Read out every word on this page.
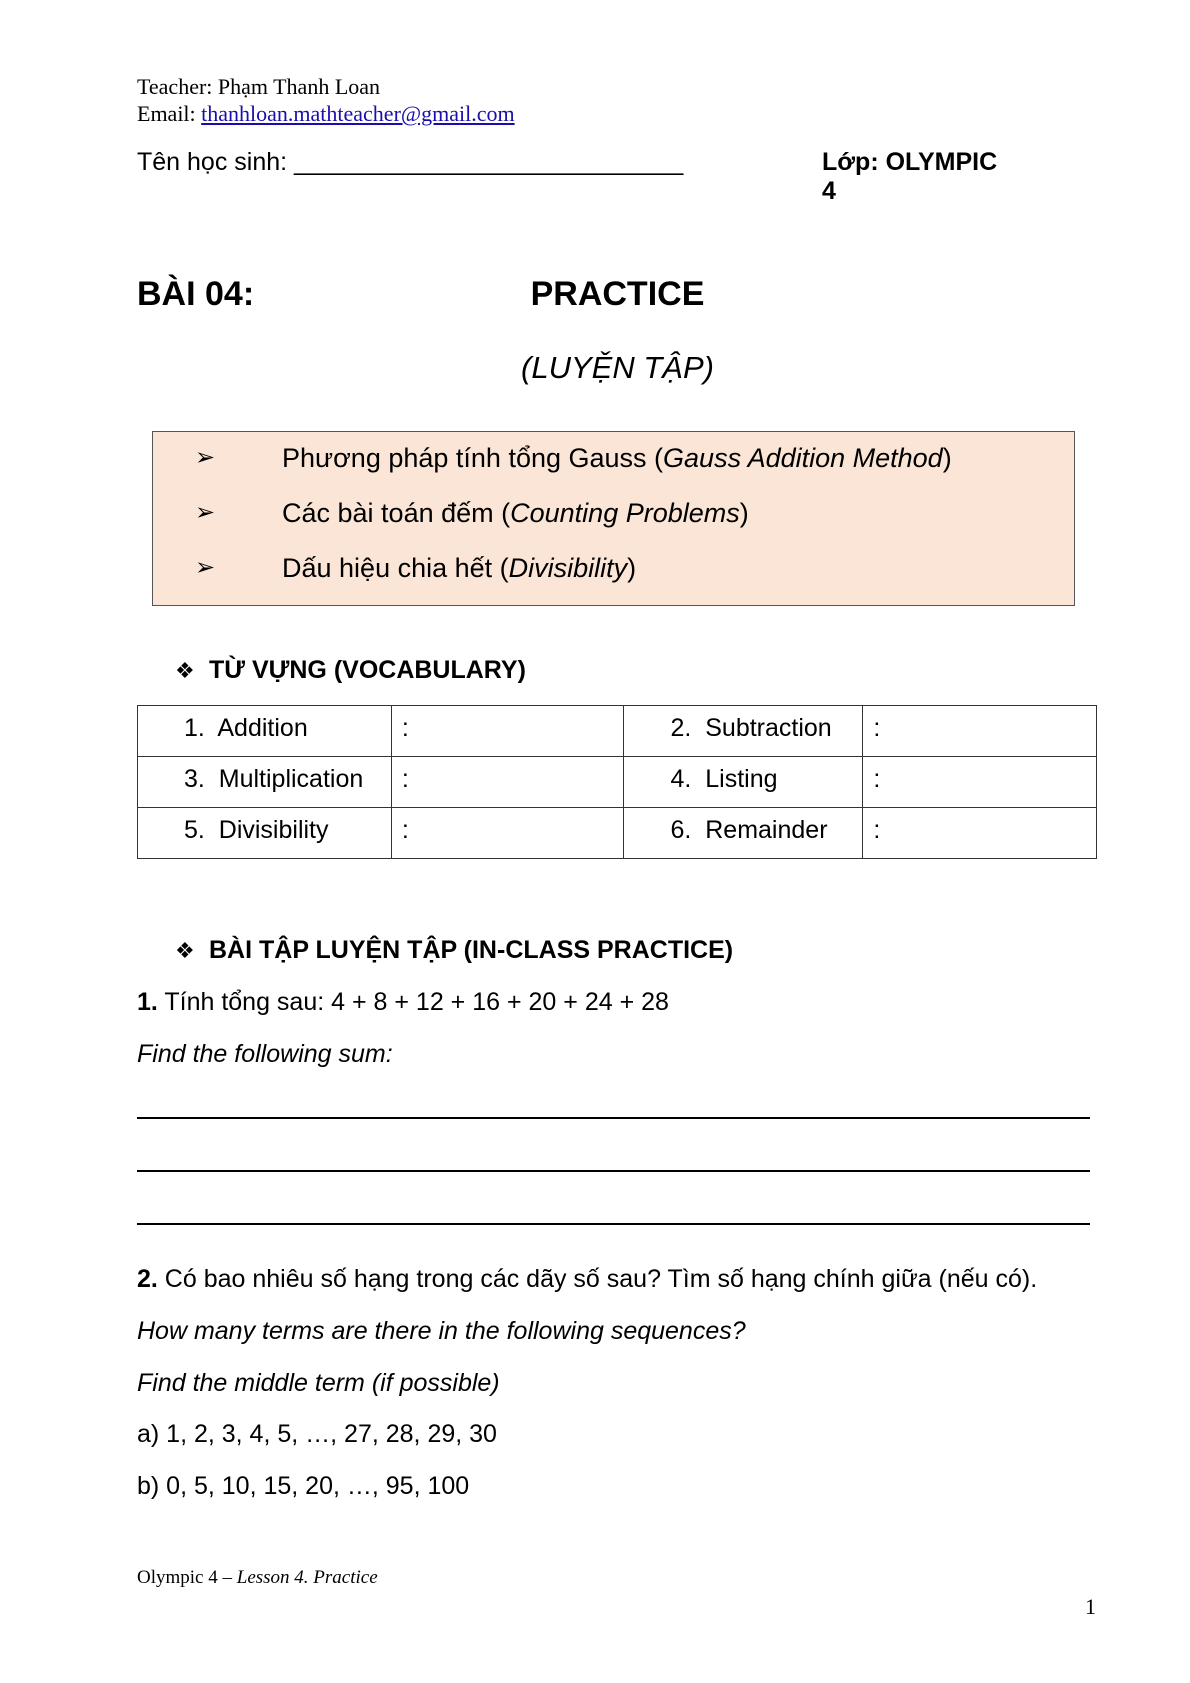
Teacher: Phạm Thanh Loan
Email: thanhloan.mathteacher@gmail.com
Tên học sinh: ____________________________	Lớp: OLYMPIC 4
BÀI 04:	PRACTICE
(LUYỆN TẬP)
➢ Phương pháp tính tổng Gauss (Gauss Addition Method)
➢ Các bài toán đếm (Counting Problems)
➢ Dấu hiệu chia hết (Divisibility)
❖ TỪ VỰNG (VOCABULARY)
1. Addition	:	2. Subtraction	:

3. Multiplication	:	4. Listing	:

5. Divisibility	:	6. Remainder	:
❖ BÀI TẬP LUYỆN TẬP (IN-CLASS PRACTICE)
1. Tính tổng sau: 4 + 8 + 12 + 16 + 20 + 24 + 28
Find the following sum:
2. Có bao nhiêu số hạng trong các dãy số sau? Tìm số hạng chính giữa (nếu có).
How many terms are there in the following sequences?
Find the middle term (if possible)
a) 1, 2, 3, 4, 5, …, 27, 28, 29, 30
b) 0, 5, 10, 15, 20, …, 95, 100
Olympic 4 – Lesson 4. Practice
1
